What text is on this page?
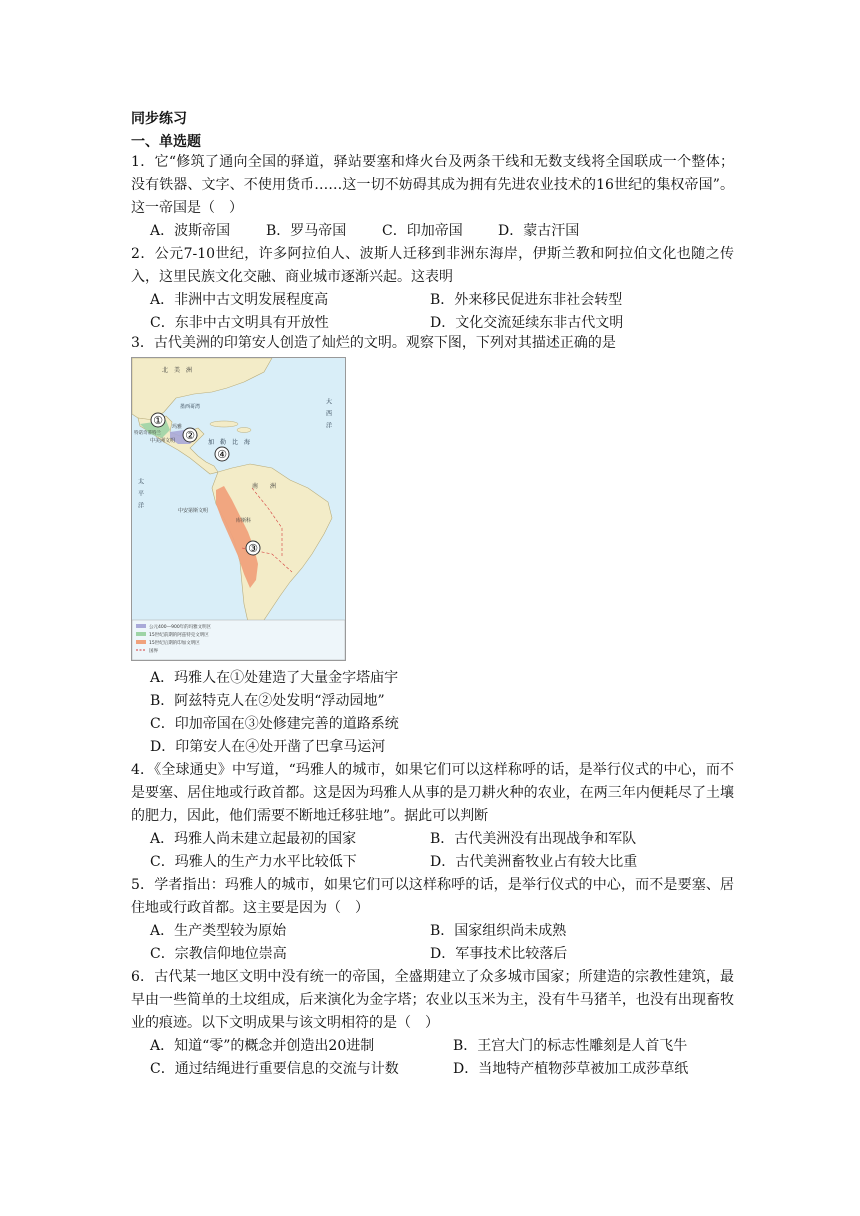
同步练习
一、单选题
1．它“修筑了通向全国的驿道，驿站要塞和烽火台及两条干线和无数支线将全国联成一个整体；没有铁器、文字、不使用货币……这一切不妨碍其成为拥有先进农业技术的16世纪的集权帝国”。这一帝国是（　）
A．波斯帝国	B．罗马帝国	C．印加帝国	D．蒙古汗国
2．公元7-10世纪，许多阿拉伯人、波斯人迁移到非洲东海岸，伊斯兰教和阿拉伯文化也随之传入，这里民族文化交融、商业城市逐渐兴起。这表明
A．非洲中古文明发展程度高	B．外来移民促进东非社会转型
C．东非中古文明具有开放性	D．文化交流延续东非古代文明
3．古代美洲的印第安人创造了灿烂的文明。观察下图，下列对其描述正确的是
①
②
④
③
北　美　洲
墨西哥湾
玛雅
特诺奇蒂特兰
中美洲文明	加　勒　比　海
南　　洲
中安第斯文明
库斯科
太　平　洋
大　西　洋
公元400—900年的玛雅文明区
15世纪前期的阿兹特克文明区
15世纪后期的印加文明区
国界
A．玛雅人在①处建造了大量金字塔庙宇
B．阿兹特克人在②处发明“浮动园地”
C．印加帝国在③处修建完善的道路系统
D．印第安人在④处开凿了巴拿马运河
4．《全球通史》中写道，“玛雅人的城市，如果它们可以这样称呼的话，是举行仪式的中心，而不是要塞、居住地或行政首都。这是因为玛雅人从事的是刀耕火种的农业，在两三年内便耗尽了土壤的肥力，因此，他们需要不断地迁移驻地”。据此可以判断
A．玛雅人尚未建立起最初的国家	B．古代美洲没有出现战争和军队
C．玛雅人的生产力水平比较低下	D．古代美洲畜牧业占有较大比重
5．学者指出：玛雅人的城市，如果它们可以这样称呼的话，是举行仪式的中心，而不是要塞、居住地或行政首都。这主要是因为（　）
A．生产类型较为原始	B．国家组织尚未成熟
C．宗教信仰地位崇高	D．军事技术比较落后
6．古代某一地区文明中没有统一的帝国，全盛期建立了众多城市国家；所建造的宗教性建筑，最早由一些简单的土坟组成，后来演化为金字塔；农业以玉米为主，没有牛马猪羊，也没有出现畜牧业的痕迹。以下文明成果与该文明相符的是（　）
A．知道“零”的概念并创造出20进制	B．王宫大门的标志性雕刻是人首飞牛
C．通过结绳进行重要信息的交流与计数	D．当地特产植物莎草被加工成莎草纸
